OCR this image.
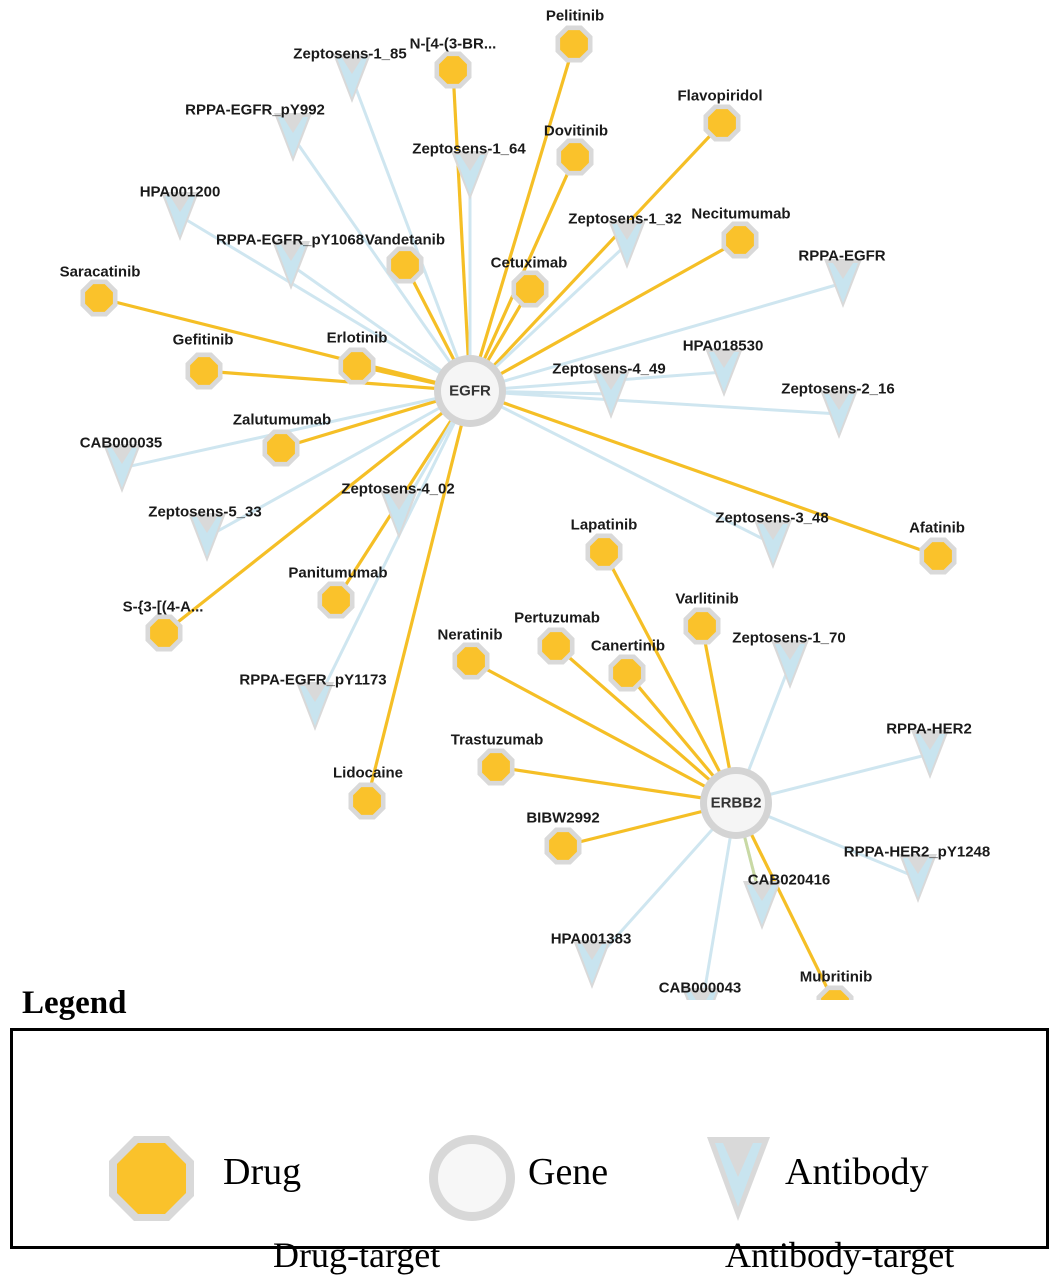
Zeptosens-1_85
RPPA-EGFR_pY992
Zeptosens-1_64
HPA001200
Zeptosens-1_32
RPPA-EGFR_pY1068
RPPA-EGFR
HPA018530
Zeptosens-4_49
Zeptosens-2_16
CAB000035
Zeptosens-4_02
Zeptosens-5_33	Zeptosens-3_48
Zeptosens-1_70
RPPA-EGFR_pY1173
RPPA-HER2
RPPA-HER2_pY1248
CAB020416
HPA001383
CAB000043
Pelitinib
N-[4-(3-BR...
Flavopiridol
Dovitinib
Necitumumab
Vandetanib
Cetuximab
Saracatinib
Gefitinib	Erlotinib
Zalutumumab
Afatinib
Lapatinib
Varlitinib
Panitumumab
S-{3-[(4-A...
Pertuzumab
Neratinib
Canertinib
Trastuzumab
Lidocaine
BIBW2992
Mubritinib
EGFR
ERBB2
Legend
Drug	Gene	Antibody
Drug-target	Antibody-target
